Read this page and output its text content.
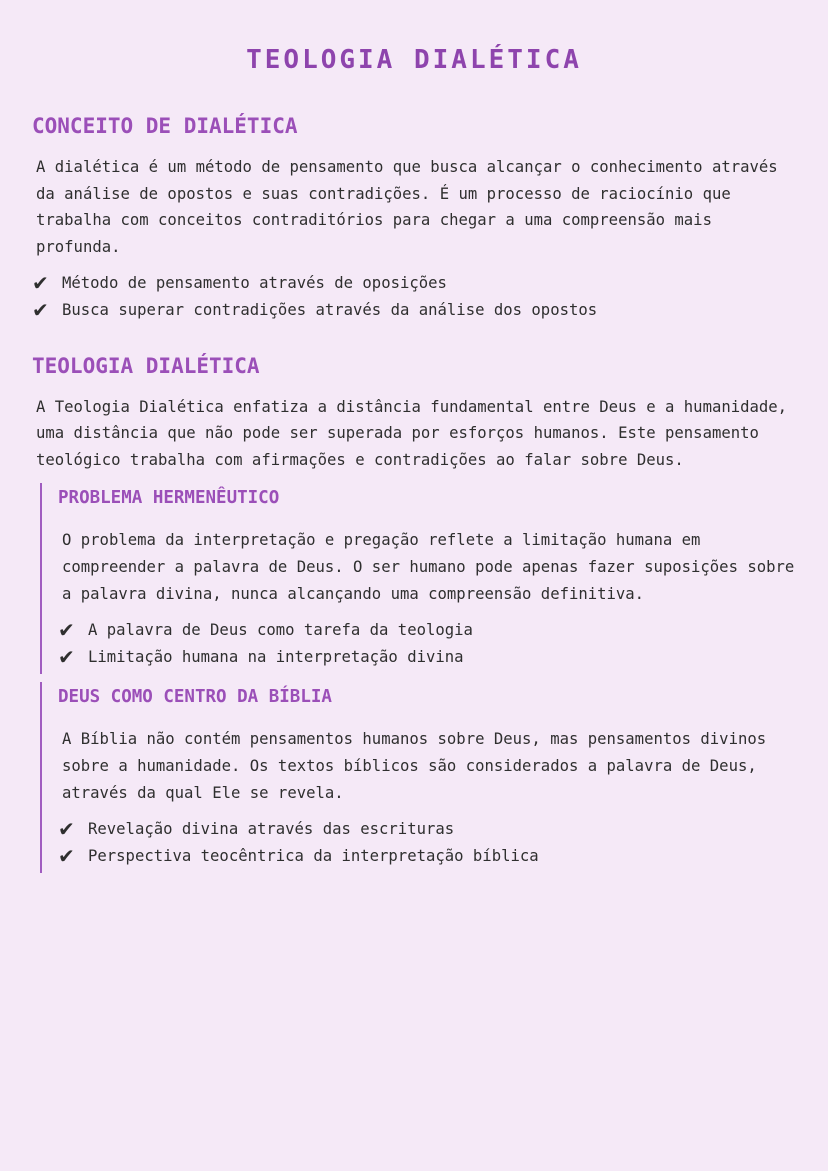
TEOLOGIA DIALÉTICA
CONCEITO DE DIALÉTICA

A dialética é um método de pensamento que busca alcançar o conhecimento através da análise de opostos e suas contradições. É um processo de raciocínio que trabalha com conceitos contraditórios para chegar a uma compreensão mais profunda.

✔ Método de pensamento através de oposições
✔ Busca superar contradições através da análise dos opostos
TEOLOGIA DIALÉTICA

A Teologia Dialética enfatiza a distância fundamental entre Deus e a humanidade, uma distância que não pode ser superada por esforços humanos. Este pensamento teológico trabalha com afirmações e contradições ao falar sobre Deus.

PROBLEMA HERMENÊUTICO

O problema da interpretação e pregação reflete a limitação humana em compreender a palavra de Deus. O ser humano pode apenas fazer suposições sobre a palavra divina, nunca alcançando uma compreensão definitiva.

✔ A palavra de Deus como tarefa da teologia
✔ Limitação humana na interpretação divina
DEUS COMO CENTRO DA BÍBLIA

A Bíblia não contém pensamentos humanos sobre Deus, mas pensamentos divinos sobre a humanidade. Os textos bíblicos são considerados a palavra de Deus, através da qual Ele se revela.

✔ Revelação divina através das escrituras
✔ Perspectiva teocêntrica da interpretação bíblica
